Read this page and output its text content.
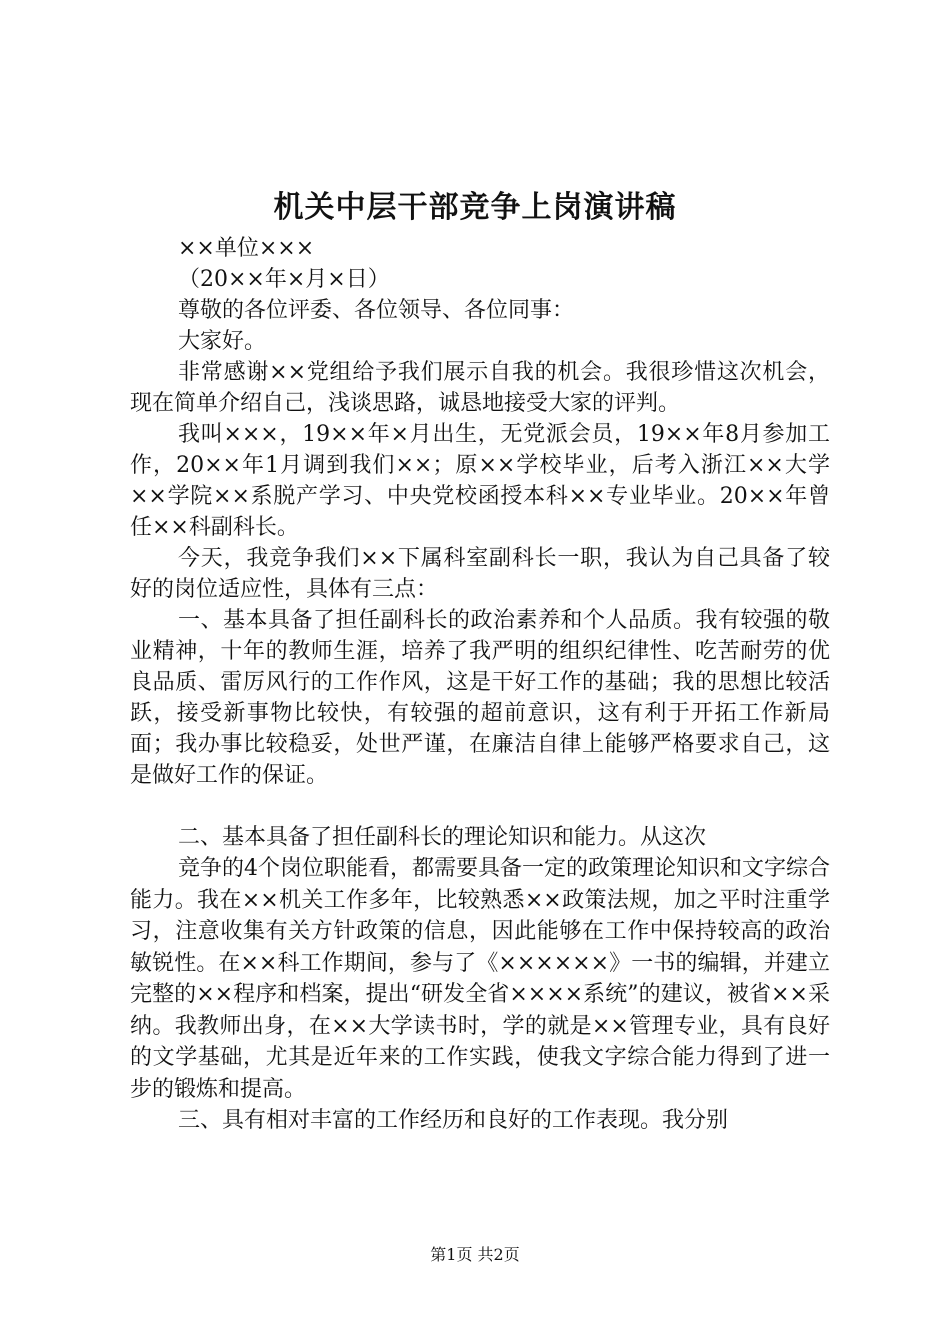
机关中层干部竞争上岗演讲稿

××单位×××

（20××年×月×日）

尊敬的各位评委、各位领导、各位同事：

大家好。

非常感谢××党组给予我们展示自我的机会。我很珍惜这次机会，现在简单介绍自己，浅谈思路，诚恳地接受大家的评判。

我叫×××，19××年×月出生，无党派会员，19××年8月参加工作，20××年1月调到我们××；原××学校毕业，后考入浙江××大学××学院××系脱产学习、中央党校函授本科××专业毕业。20××年曾任××科副科长。

今天，我竞争我们××下属科室副科长一职，我认为自己具备了较好的岗位适应性，具体有三点：

一、基本具备了担任副科长的政治素养和个人品质。我有较强的敬业精神，十年的教师生涯，培养了我严明的组织纪律性、吃苦耐劳的优良品质、雷厉风行的工作作风，这是干好工作的基础；我的思想比较活跃，接受新事物比较快，有较强的超前意识，这有利于开拓工作新局面；我办事比较稳妥，处世严谨，在廉洁自律上能够严格要求自己，这是做好工作的保证。

二、基本具备了担任副科长的理论知识和能力。从这次

竞争的4个岗位职能看，都需要具备一定的政策理论知识和文字综合能力。我在××机关工作多年，比较熟悉××政策法规，加之平时注重学习，注意收集有关方针政策的信息，因此能够在工作中保持较高的政治敏锐性。在××科工作期间，参与了《××××××》一书的编辑，并建立完整的××程序和档案，提出“研发全省××××系统”的建议，被省××采纳。我教师出身，在××大学读书时，学的就是××管理专业，具有良好的文学基础，尤其是近年来的工作实践，使我文字综合能力得到了进一步的锻炼和提高。

三、具有相对丰富的工作经历和良好的工作表现。我分别

第1页 共2页
